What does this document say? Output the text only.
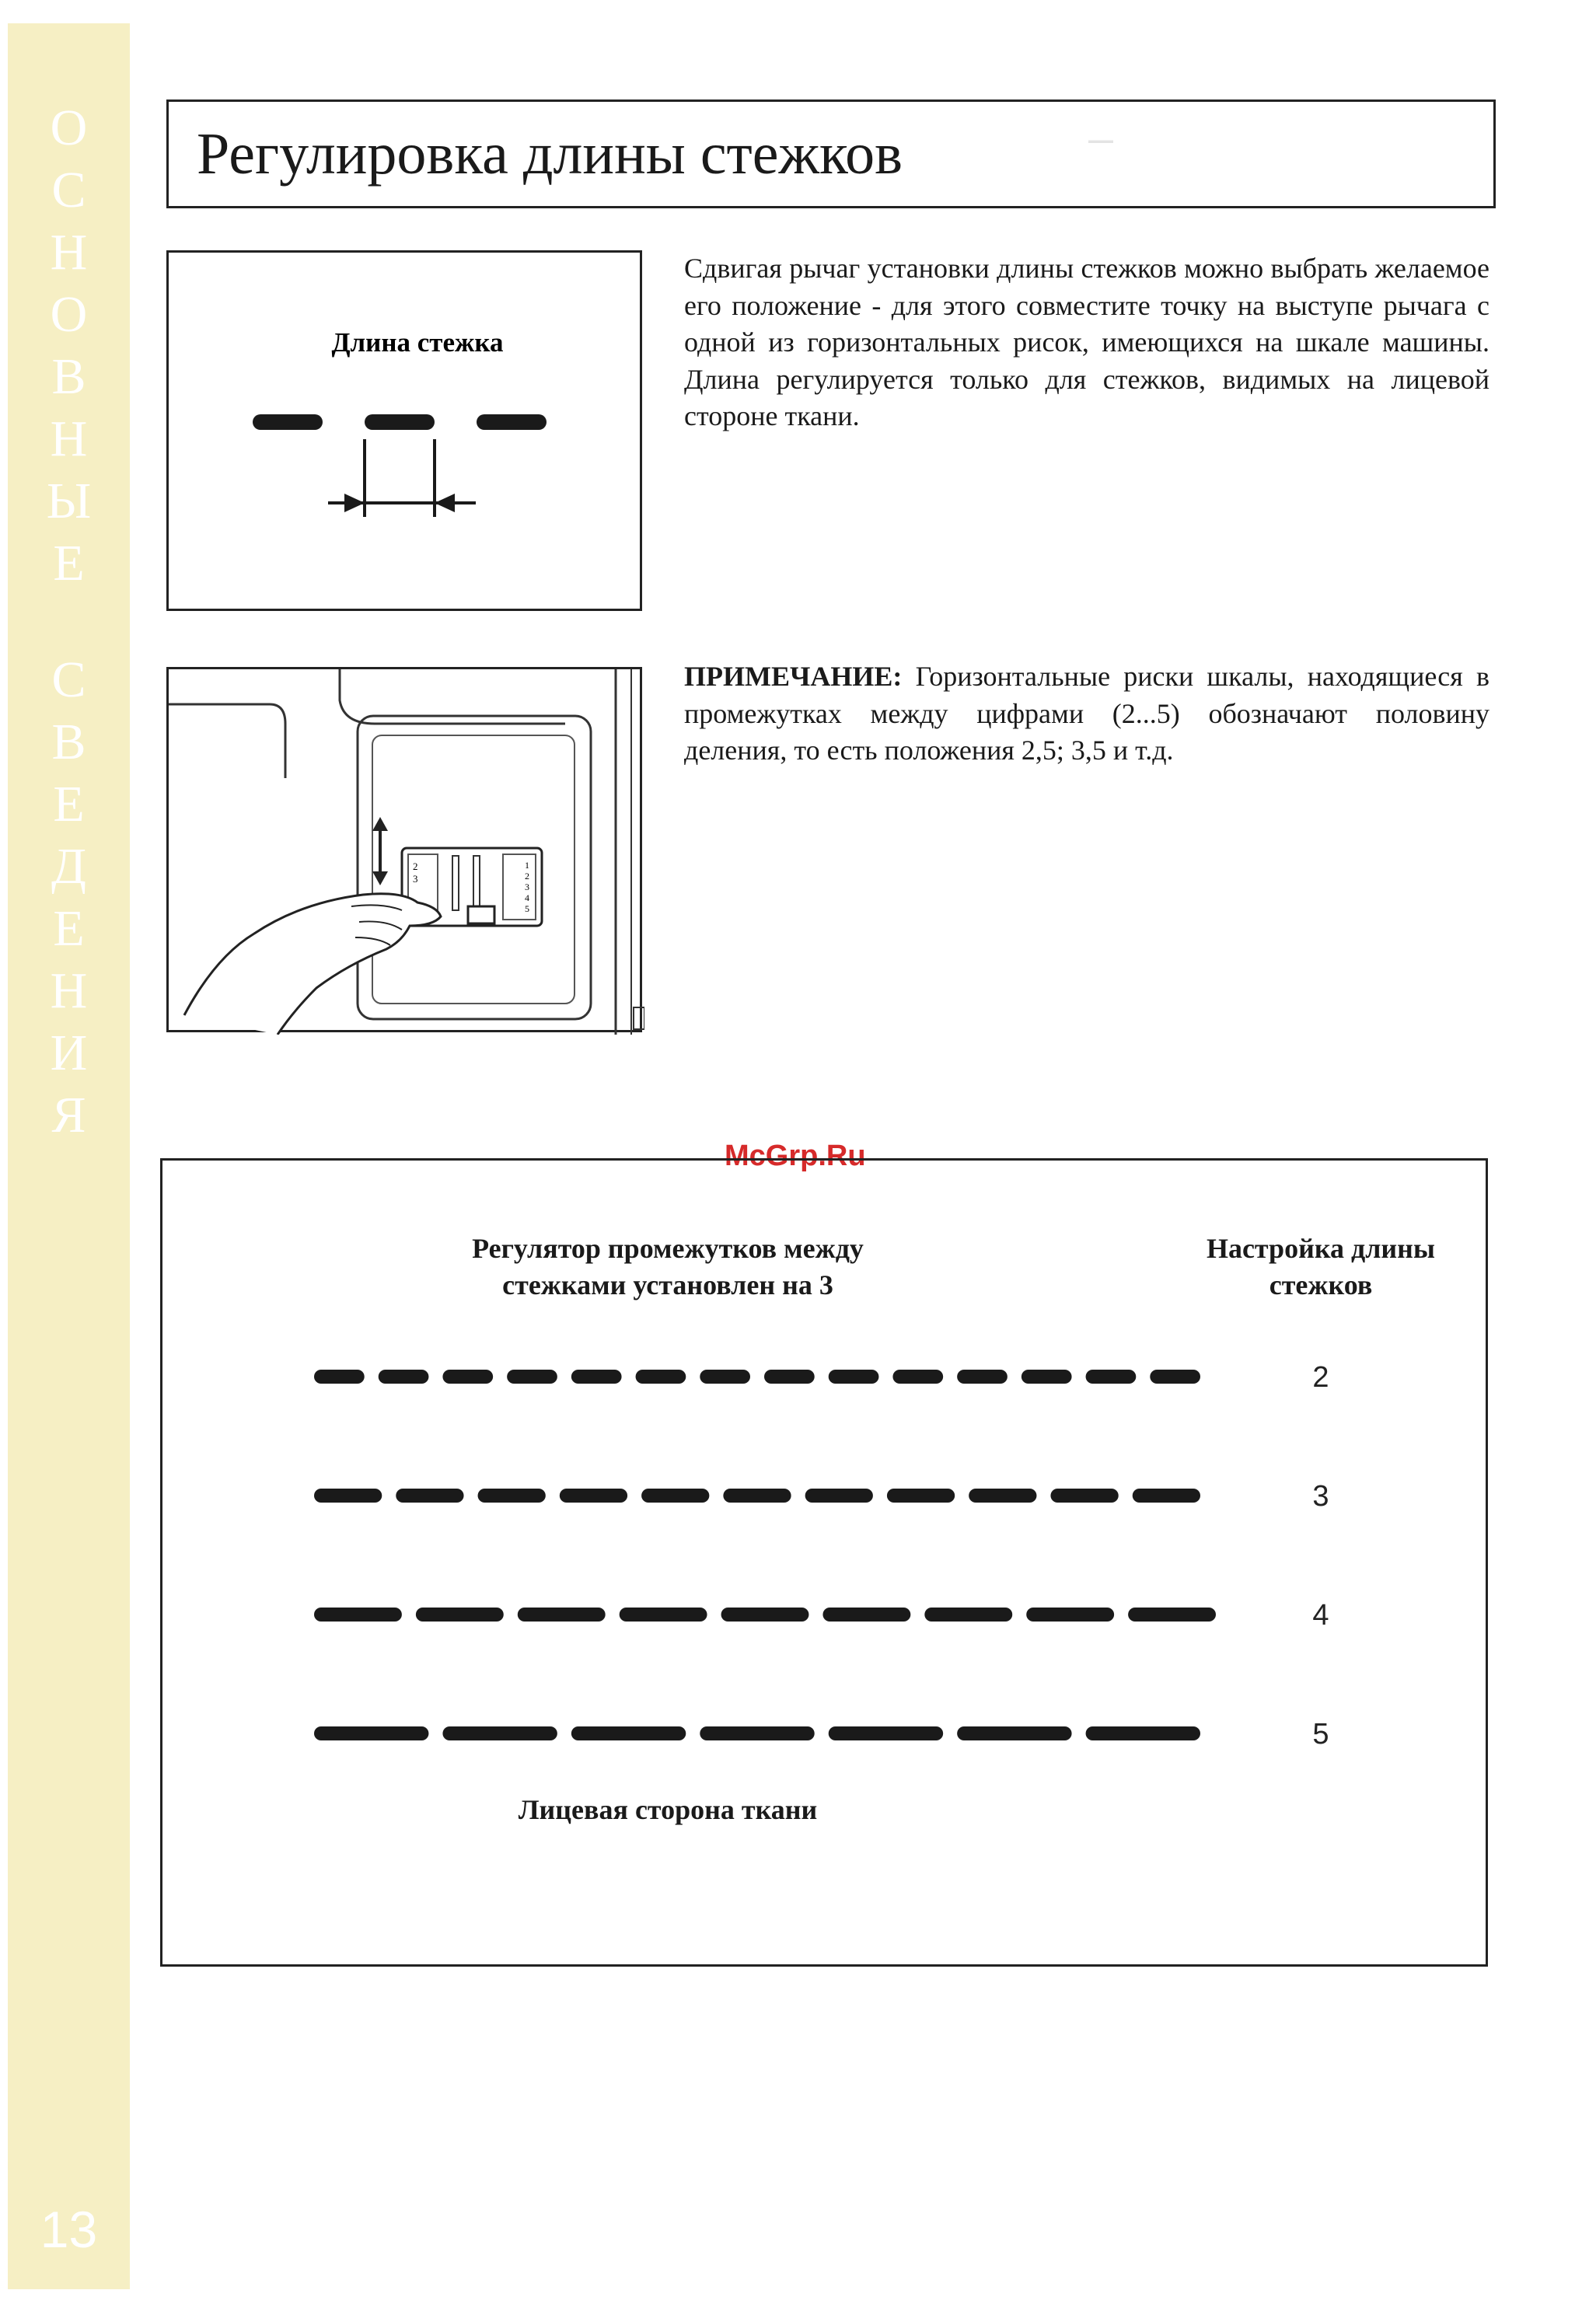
О
С
Н
О
В
Н
Ы
Е
С
В
Е
Д
Е
Н
И
Я
13
⎯
Регулировка длины стежков
Длина стежка
Сдвигая рычаг установки длины стежков можно выбрать желаемое его положение - для этого совместите точку на выступе рычага с одной из горизонтальных рисок, имеющихся на шкале машины. Длина регулируется только для стежков, видимых на лицевой стороне ткани.
2
3
1
2
3
4
5
ПРИМЕЧАНИЕ: Горизонтальные риски шкалы, находящиеся в промежутках между цифрами (2...5) обозначают половину деления, то есть положения 2,5; 3,5 и т.д.
McGrp.Ru
Регулятор промежутков между стежками установлен на 3
Настройка длины стежков
2
3
4
5
Лицевая сторона ткани
